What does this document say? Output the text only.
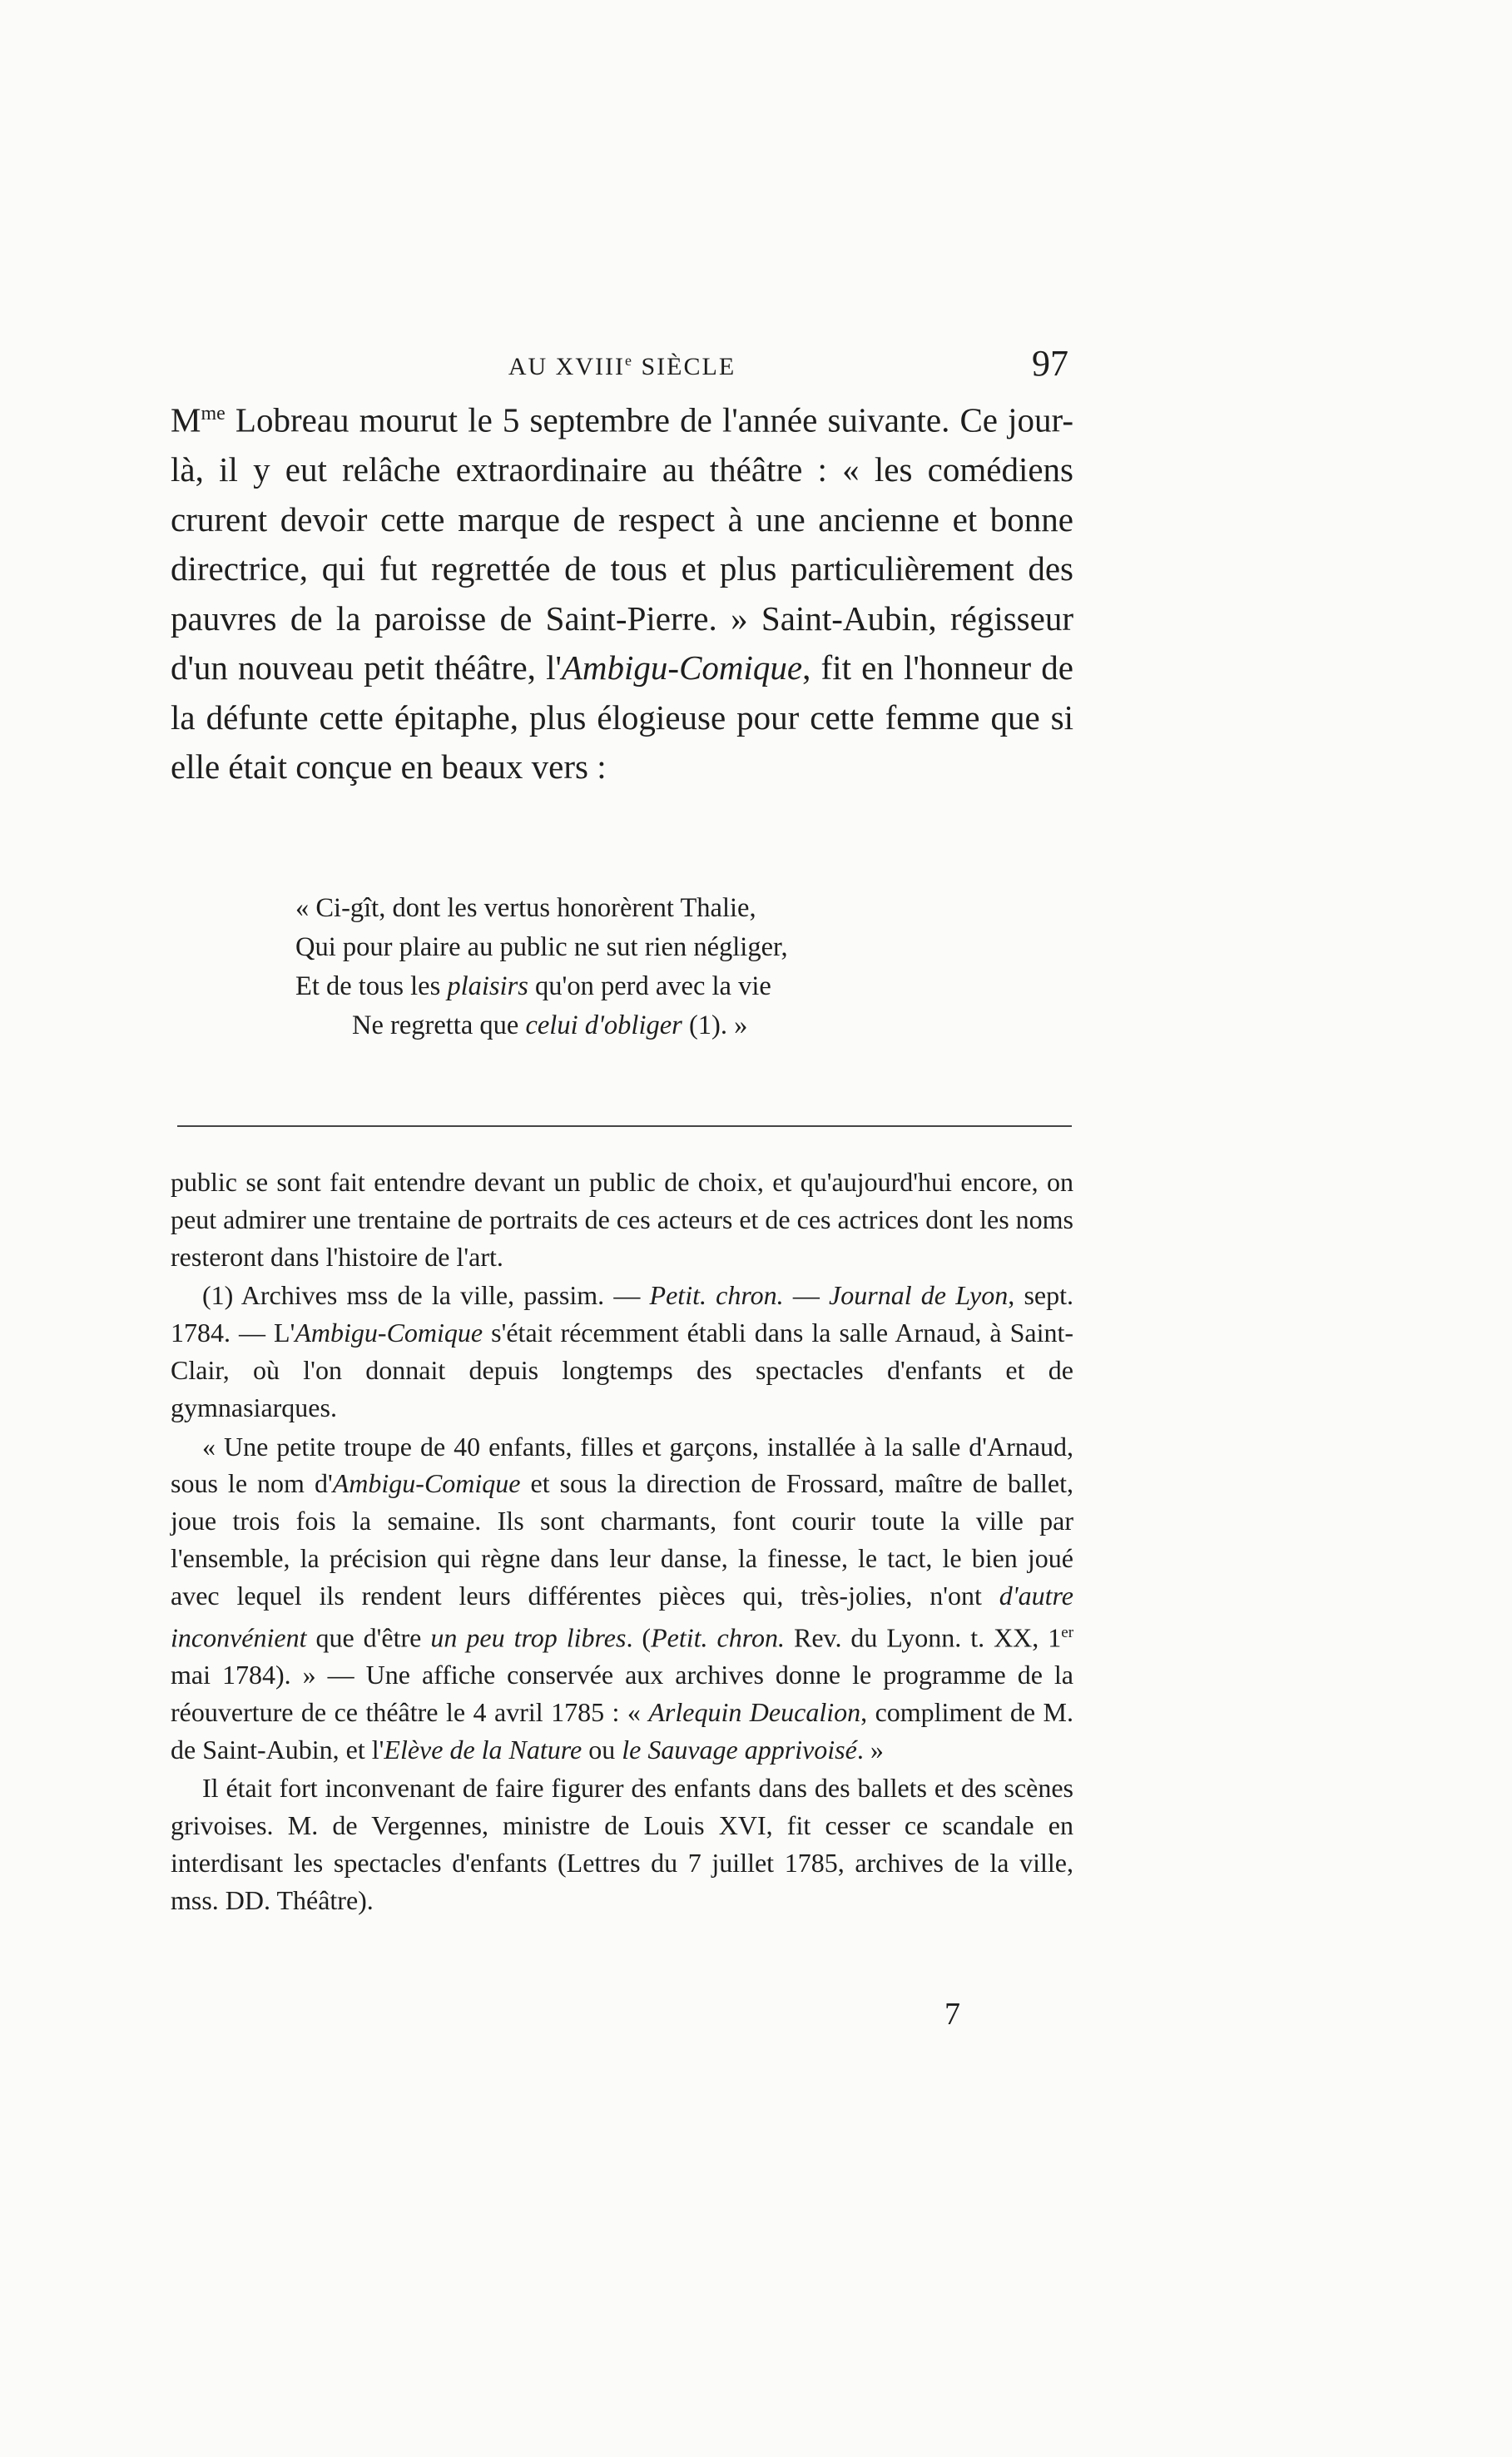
AU XVIIIe SIÈCLE	97

$M^{me}$ Lobreau mourut le 5 septembre de l'année suivante. Ce jour-là, il y eut relâche extraordinaire au théâtre : « les comédiens crurent devoir cette marque de respect à une ancienne et bonne directrice, qui fut regrettée de tous et plus particulièrement des pauvres de la paroisse de Saint-Pierre. » Saint-Aubin, régisseur d'un nouveau petit théâtre, l'Ambigu-Comique, fit en l'honneur de la défunte cette épitaphe, plus élogieuse pour cette femme que si elle était conçue en beaux vers :

« Ci-gît, dont les vertus honorèrent Thalie,
Qui pour plaire au public ne sut rien négliger,
Et de tous les plaisirs qu'on perd avec la vie
Ne regretta que celui d'obliger (1). »

public se sont fait entendre devant un public de choix, et qu'aujourd'hui encore, on peut admirer une trentaine de portraits de ces acteurs et de ces actrices dont les noms resteront dans l'histoire de l'art.

(1) Archives mss de la ville, passim. — Petit. chron. — Journal de Lyon, sept. 1784. — L'Ambigu-Comique s'était récemment établi dans la salle Arnaud, à Saint-Clair, où l'on donnait depuis longtemps des spectacles d'enfants et de gymnasiarques.

« Une petite troupe de 40 enfants, filles et garçons, installée à la salle d'Arnaud, sous le nom d'Ambigu-Comique et sous la direction de Frossard, maître de ballet, joue trois fois la semaine. Ils sont charmants, font courir toute la ville par l'ensemble, la précision qui règne dans leur danse, la finesse, le tact, le bien joué avec lequel ils rendent leurs différentes pièces qui, très-jolies, n'ont d'autre inconvénient que d'être un peu trop libres. (Petit. chron. Rev. du Lyonn. t. XX, 1er mai 1784). » — Une affiche conservée aux archives donne le programme de la réouverture de ce théâtre le 4 avril 1785 : « Arlequin Deucalion, compliment de M. de Saint-Aubin, et l'Elève de la Nature ou le Sauvage apprivoisé. »

Il était fort inconvenant de faire figurer des enfants dans des ballets et des scènes grivoises. M. de Vergennes, ministre de Louis XVI, fit cesser ce scandale en interdisant les spectacles d'enfants (Lettres du 7 juillet 1785, archives de la ville, mss. DD. Théâtre).

7
